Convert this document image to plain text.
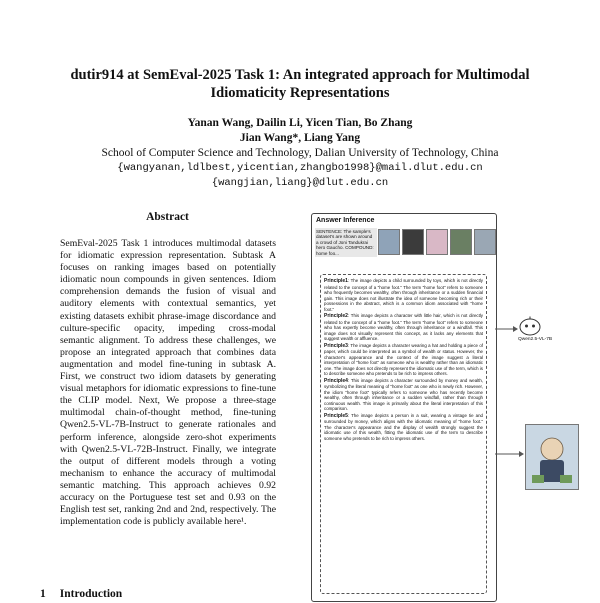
dutir914 at SemEval-2025 Task 1: An integrated approach for Multimodal
Idiomaticity Representations
Yanan Wang, Dailin Li, Yicen Tian, Bo Zhang
Jian Wang*, Liang Yang
School of Computer Science and Technology, Dalian University of Technology, China
{wangyanan,ldlbest,yicentian,zhangbo1998}@mail.dlut.edu.cn
{wangjian,liang}@dlut.edu.cn
Abstract
SemEval-2025 Task 1 introduces multimodal datasets for idiomatic expression representation. Subtask A focuses on ranking images based on potentially idiomatic noun compounds in given sentences. Idiom comprehension demands the fusion of visual and auditory elements with contextual semantics, yet existing datasets exhibit phrase-image discordance and culture-specific opacity, impeding cross-modal semantic alignment. To address these challenges, we propose an integrated approach that combines data augmentation and model fine-tuning in subtask A. First, we construct two idiom datasets by generating visual metaphors for idiomatic expressions to fine-tune the CLIP model. Next, We propose a three-stage multimodal chain-of-thought method, fine-tuning Qwen2.5-VL-7B-Instruct to generate rationales and perform inference, alongside zero-shot experiments with Qwen2.5-VL-72B-Instruct. Finally, we integrate the output of different models through a voting mechanism to enhance the accuracy of multimodal semantic matching. This approach achieves 0.92 accuracy on the Portuguese test set and 0.93 on the English test set, ranking 2nd and 2nd, respectively. The implementation code is publicly available here¹.
1 Introduction
Answer Inference
SENTENCE: The sample's dataset's are shown around a crowd of Joni Tandukrai hero Gaucho. COMPOUND: home foo...

Principle1: The image depicts a child surrounded by toys, which is not directly related to the concept of a "home foot." The term "home foot" refers to someone who frequently becomes wealthy, often through inheritance or a sudden financial gain. This image does not illustrate the idea of someone becoming rich or their possessions in the abstract, which is a common idiom associated with "home foot."

Principle2: This image depicts a character with little hair, which is not directly related to the concept of a "home foot." The term "home foot" refers to someone who has expertly become wealthy, often through inheritance or a windfall. This image does not visually represent this concept, as it lacks any elements that suggest wealth or affluence.

Principle3: The image depicts a character wearing a hat and holding a piece of paper, which could be interpreted as a symbol of wealth or status. However, the character's appearance and the context of the image suggest a literal interpretation of "home foot" as someone who is wealthy rather than an idiomatic one. The image does not directly represent the idiomatic use of the term, which is to describe someone who pretends to be rich to impress others.

Principle4: This image depicts a character surrounded by money and wealth, symbolizing the literal meaning of "home foot" as one who is newly rich. However, the idiom "home foot" typically refers to someone who has recently become wealthy, often through inheritance or a sudden windfall, rather than through continuous wealth. This image is primarily about the literal interpretation of this comparison.

Principle5: The image depicts a person in a suit, wearing a vintage tie and surrounded by money, which aligns with the idiomatic meaning of "home foot." The character's appearance and the display of wealth strongly suggest the idiomatic use of this wealth, fitting the idiomatic use of the term to describe someone who pretends to be rich to impress others.

Qwen2.5-VL-7B
